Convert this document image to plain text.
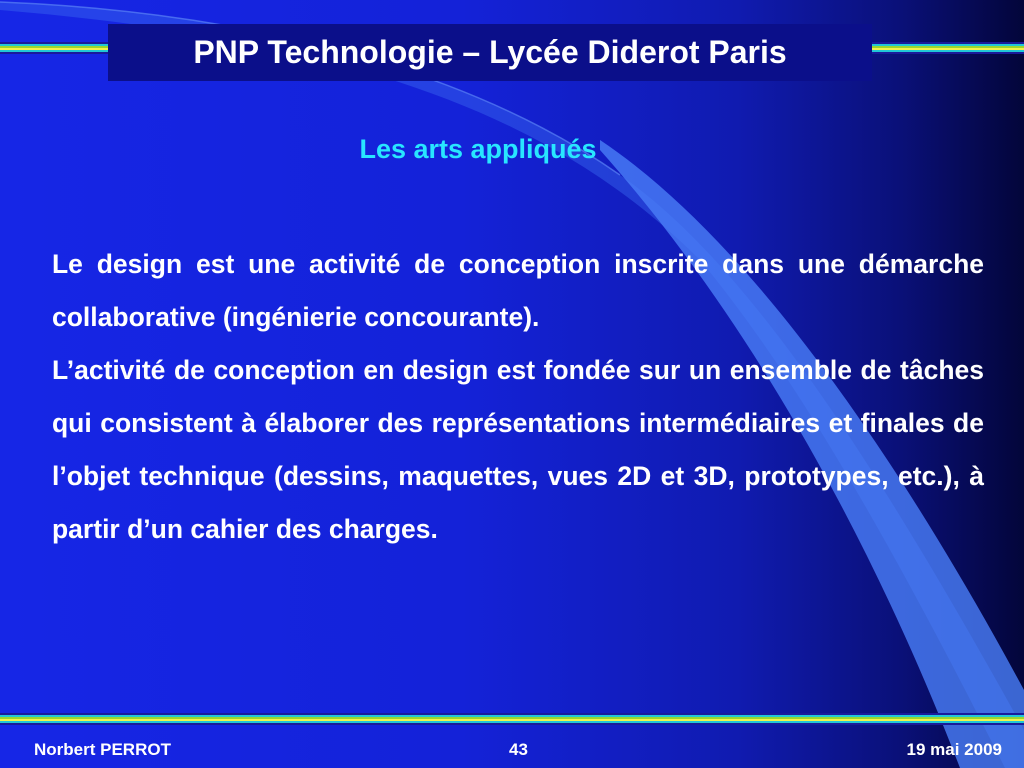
PNP Technologie – Lycée Diderot Paris
Les arts appliqués

Le design est une activité de conception inscrite dans une démarche collaborative (ingénierie concourante).

L’activité de conception en design est fondée sur un ensemble de tâches qui consistent à élaborer des représentations intermédiaires et finales de l’objet technique (dessins, maquettes, vues 2D et 3D, prototypes, etc.), à partir d’un cahier des charges.

Norbert PERROT	43	19 mai 2009
